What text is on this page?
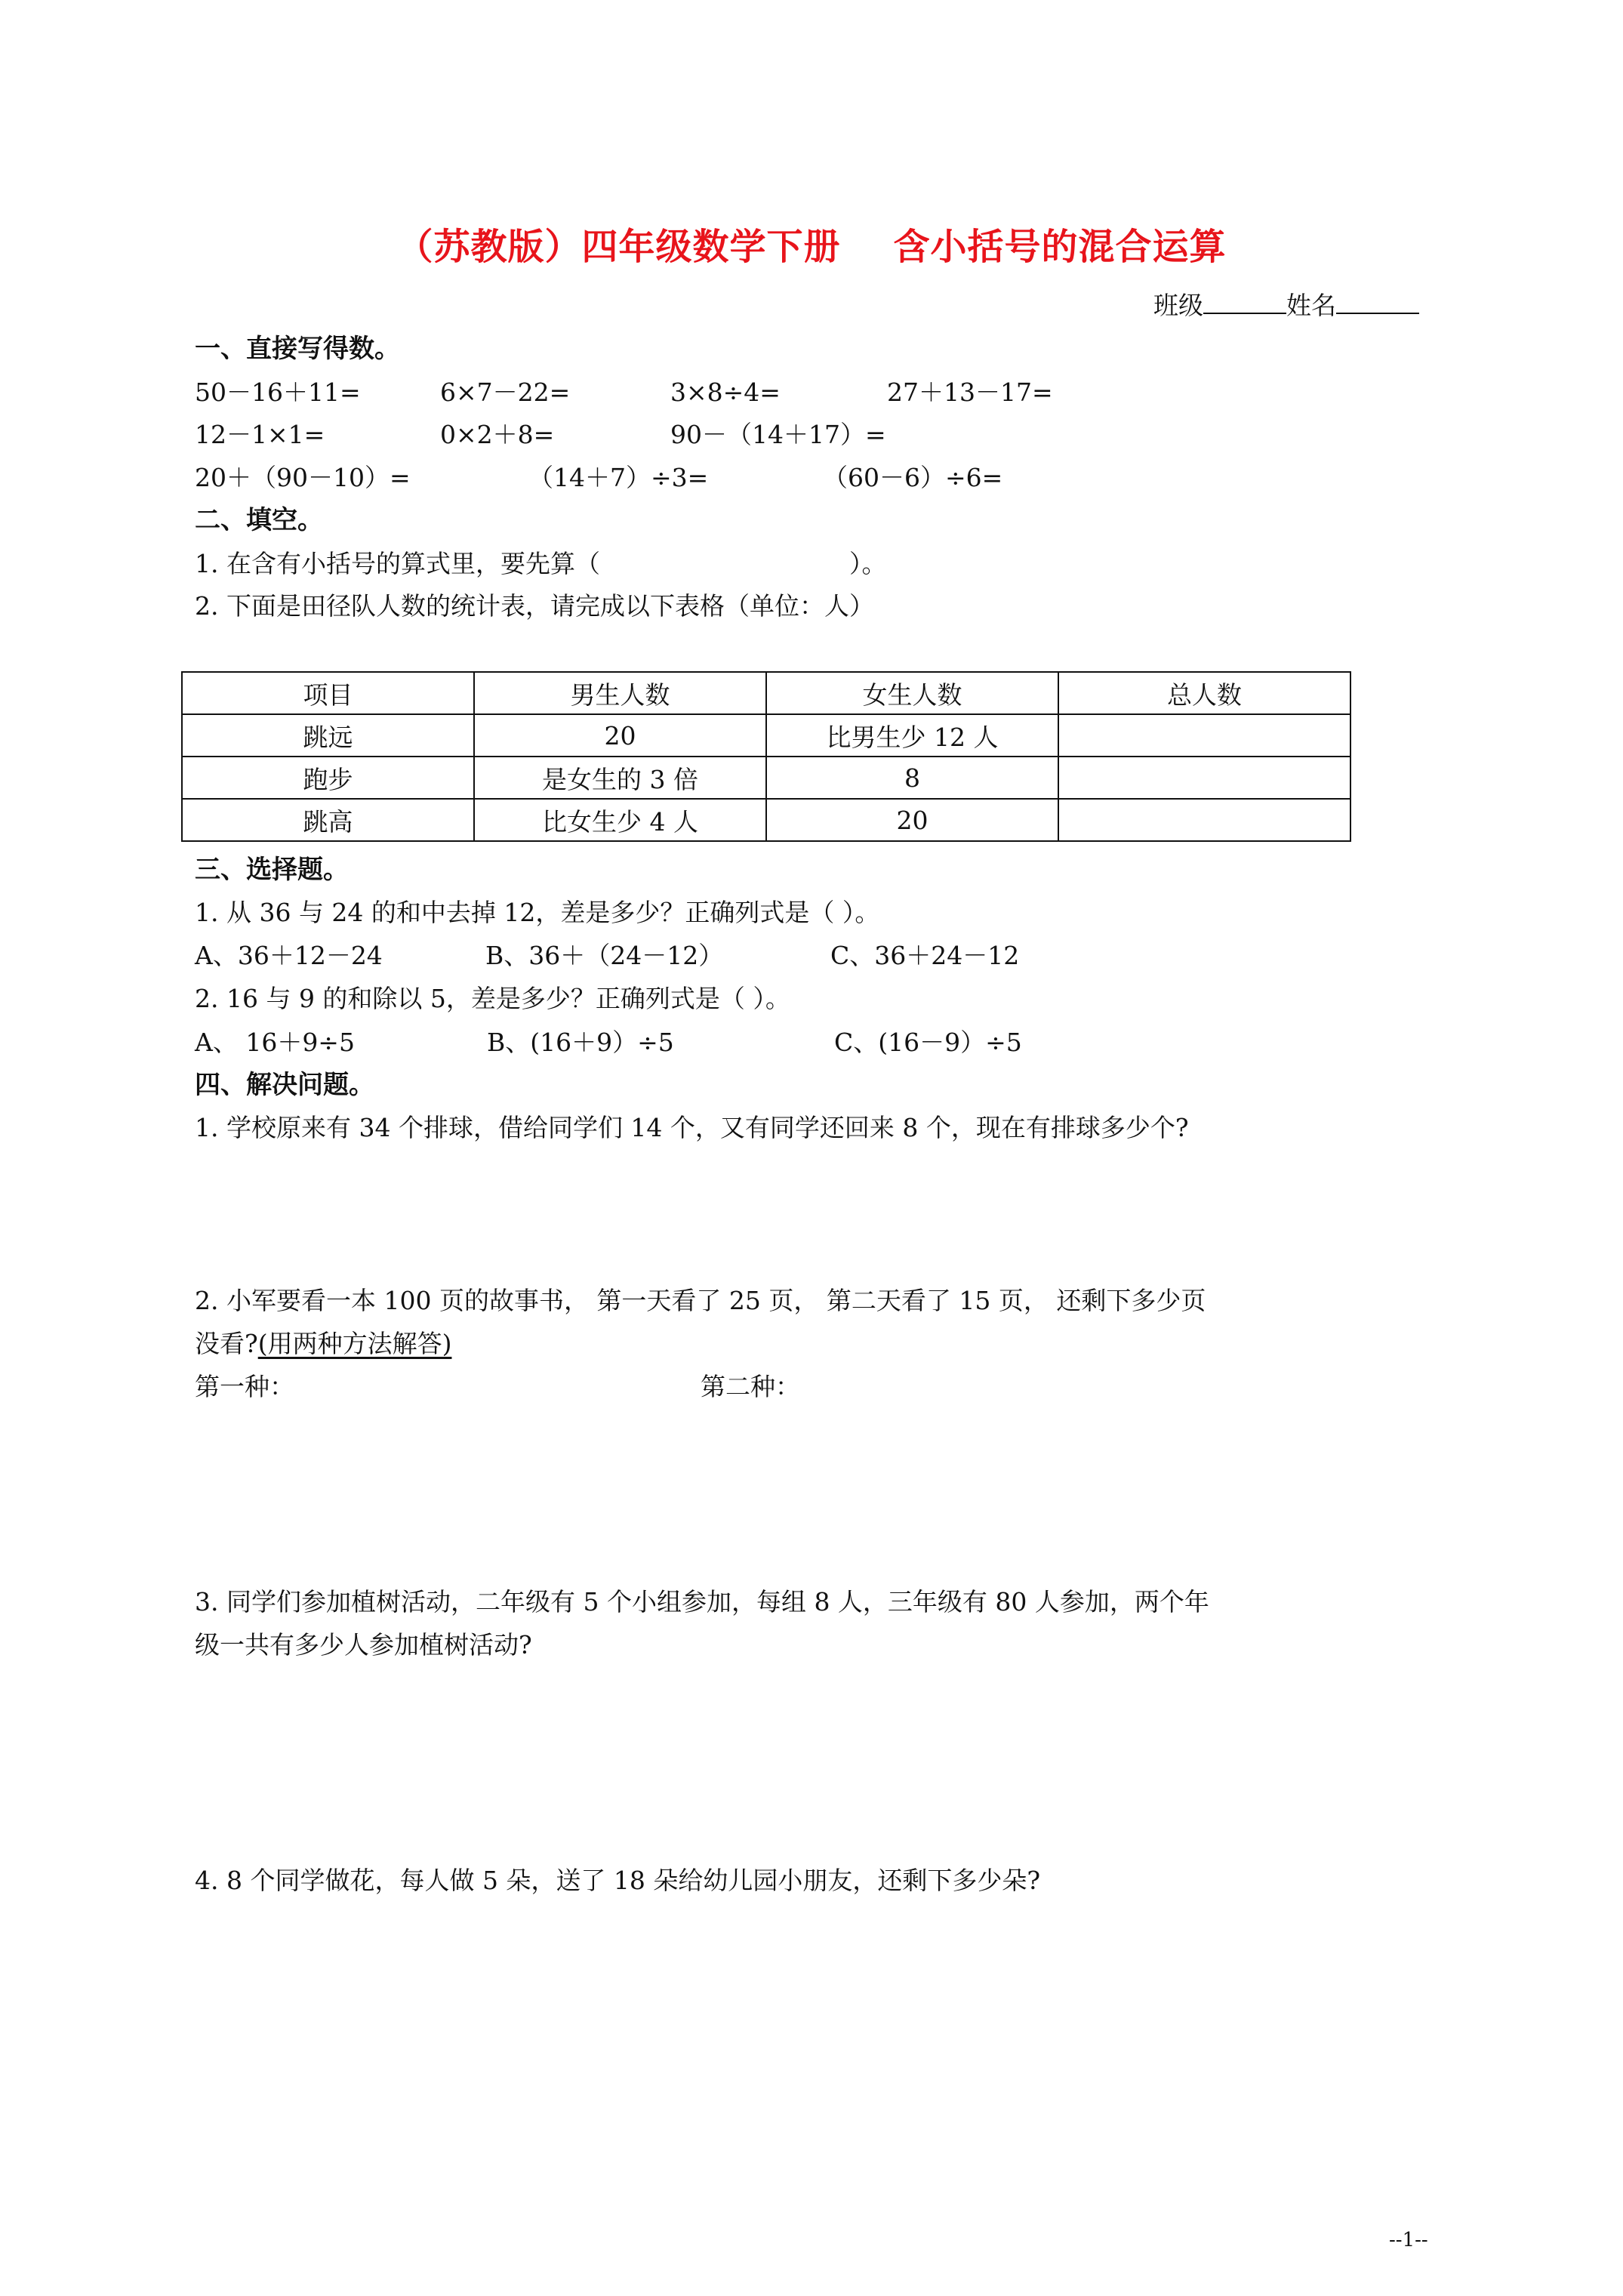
（苏教版）四年级数学下册 含小括号的混合运算
班级	姓名
一、直接写得数。
50－16＋11=	6×7－22=	3×8÷4=	27＋13－17=
12－1×1=	0×2＋8=	90－（14＋17）=
20＋（90－10）=	（14＋7）÷3=	（60－6）÷6=
二、填空。
1. 在含有小括号的算式里，要先算（	）。
2. 下面是田径队人数的统计表，请完成以下表格（单位：人）
项目	男生人数	女生人数	总人数
跳远	20	比男生少 12 人	
跑步	是女生的 3 倍	8	
跳高	比女生少 4 人	20	
三、选择题。
1. 从 36 与 24 的和中去掉 12，差是多少？正确列式是（ ）。
A、36＋12－24	B、36＋（24－12）	C、36＋24－12
2. 16 与 9 的和除以 5，差是多少？正确列式是（ ）。
A、 16＋9÷5	B、(16＋9）÷5	C、(16－9）÷5
四、解决问题。
1. 学校原来有 34 个排球，借给同学们 14 个，又有同学还回来 8 个，现在有排球多少个?
2. 小军要看一本 100 页的故事书， 第一天看了 25 页， 第二天看了 15 页， 还剩下多少页
没看?(用两种方法解答)
第一种：	第二种：
3. 同学们参加植树活动，二年级有 5 个小组参加，每组 8 人，三年级有 80 人参加，两个年
级一共有多少人参加植树活动?
4. 8 个同学做花，每人做 5 朵，送了 18 朵给幼儿园小朋友，还剩下多少朵?
--1--
